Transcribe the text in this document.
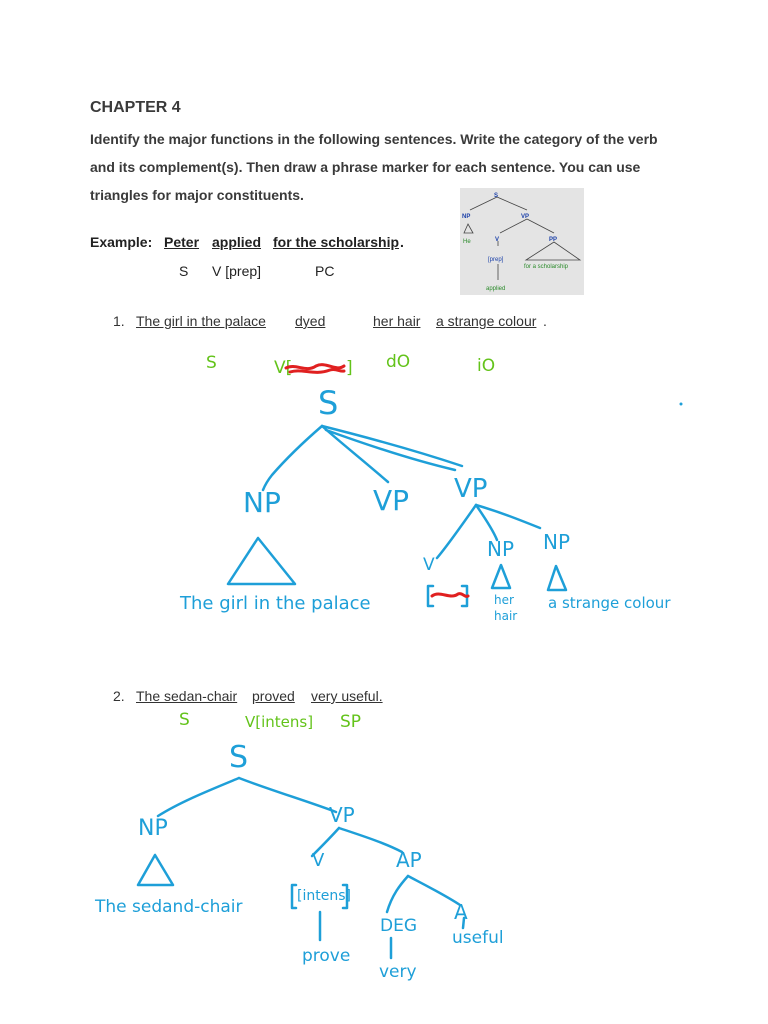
CHAPTER 4
Identify the major functions in the following sentences. Write the category of the verb
and its complement(s). Then draw a phrase marker for each sentence. You can use
triangles for major constituents.
Example: Peter applied for the scholarship .
S V [prep]	PC
S
NP	VP
He	V	PP
[prep]
for a scholarship
applied
1. The girl in the palace dyed	her hair a strange colour .
S	V[	] dO	iO
S
NP	VP VP
NP NP
V
The girl in the palace	her
hair
a strange colour
2. The sedan-chair proved very useful.
S	V[intens] SP
S
NP
VP
V	AP
[intens]
The sedand-chair
DEG
A
useful
prove
very
